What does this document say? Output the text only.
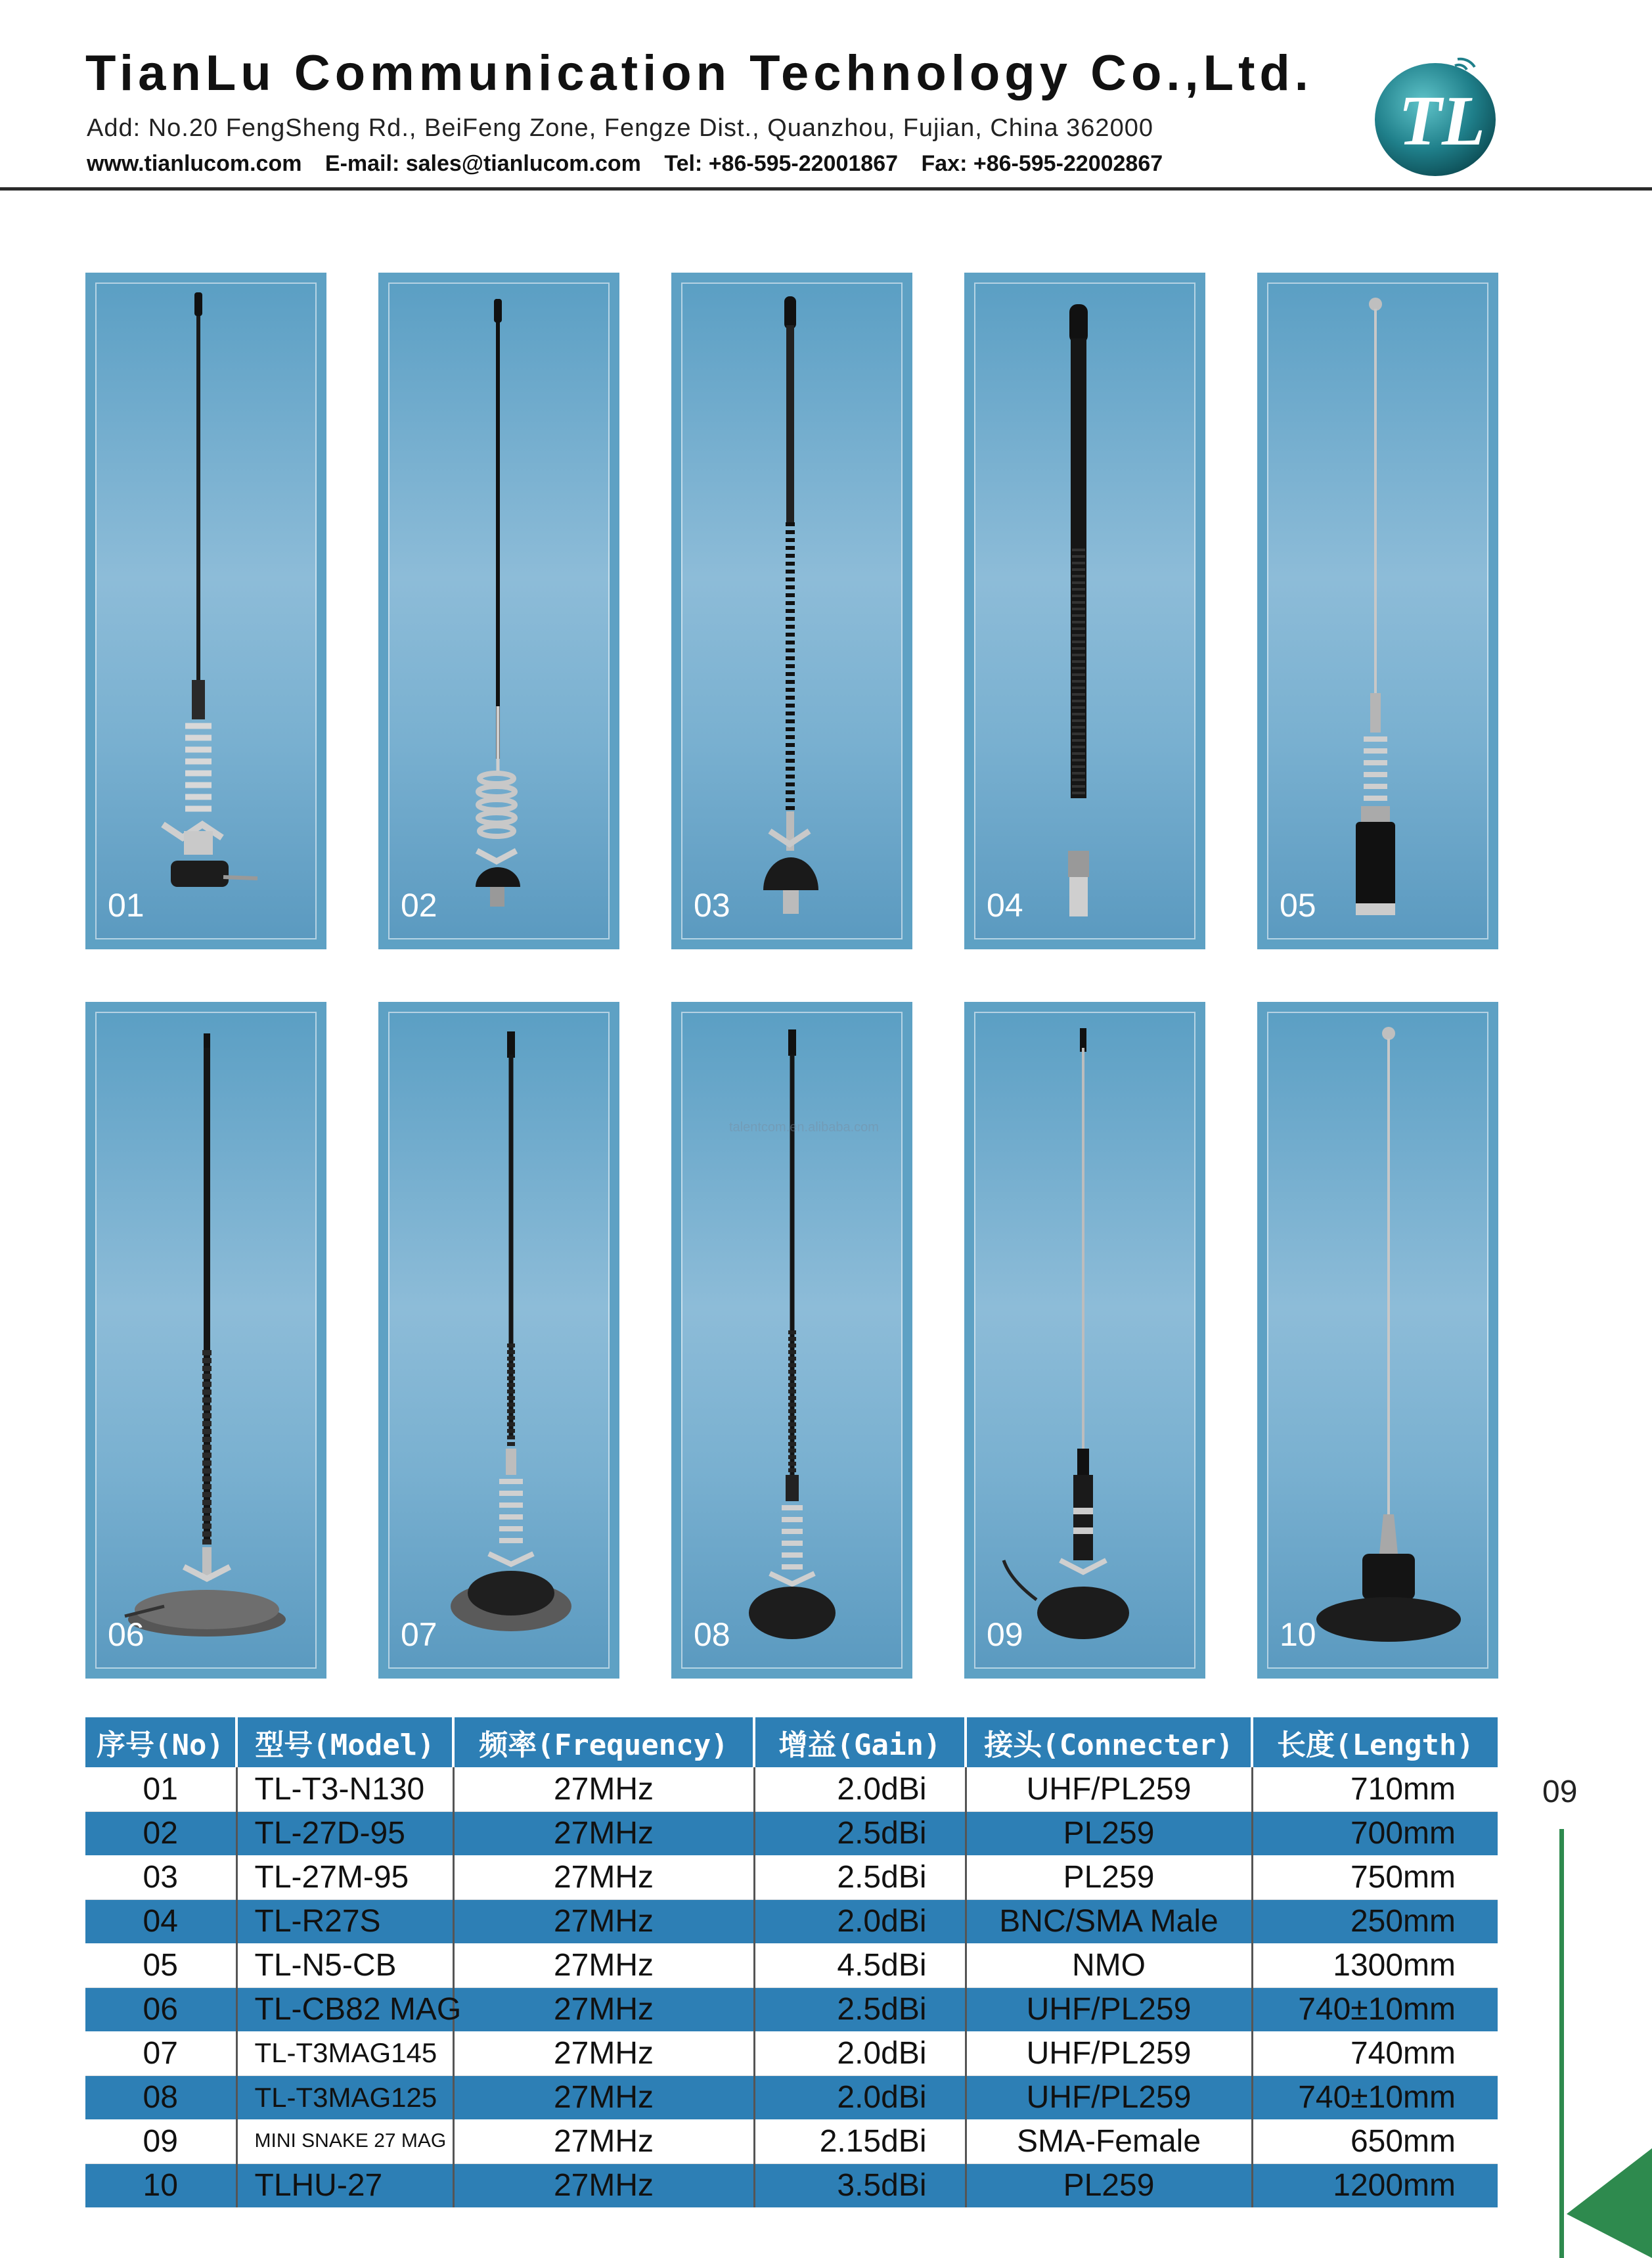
TianLu Communication Technology Co.,Ltd.
Add: No.20 FengSheng Rd., BeiFeng Zone, Fengze Dist., Quanzhou, Fujian, China 362000
www.tianlucom.com E-mail: sales@tianlucom.com Tel: +86-595-22001867 Fax: +86-595-22002867
TL
01	02	03	04	05
06	07	08	09	10
talentcom.en.alibaba.com
序号(No)	型号(Model)	频率(Frequency)	增益(Gain)	接头(Connecter)	长度(Length)
01	TL-T3-N130	27MHz	2.0dBi	UHF/PL259	710mm
02	TL-27D-95	27MHz	2.5dBi	PL259	700mm
03	TL-27M-95	27MHz	2.5dBi	PL259	750mm
04	TL-R27S	27MHz	2.0dBi	BNC/SMA Male	250mm
05	TL-N5-CB	27MHz	4.5dBi	NMO	1300mm
06	TL-CB82 MAG	27MHz	2.5dBi	UHF/PL259	740±10mm
07	TL-T3MAG145	27MHz	2.0dBi	UHF/PL259	740mm
08	TL-T3MAG125	27MHz	2.0dBi	UHF/PL259	740±10mm
09	MINI SNAKE 27 MAG	27MHz	2.15dBi	SMA-Female	650mm
10	TLHU-27	27MHz	3.5dBi	PL259	1200mm
09
